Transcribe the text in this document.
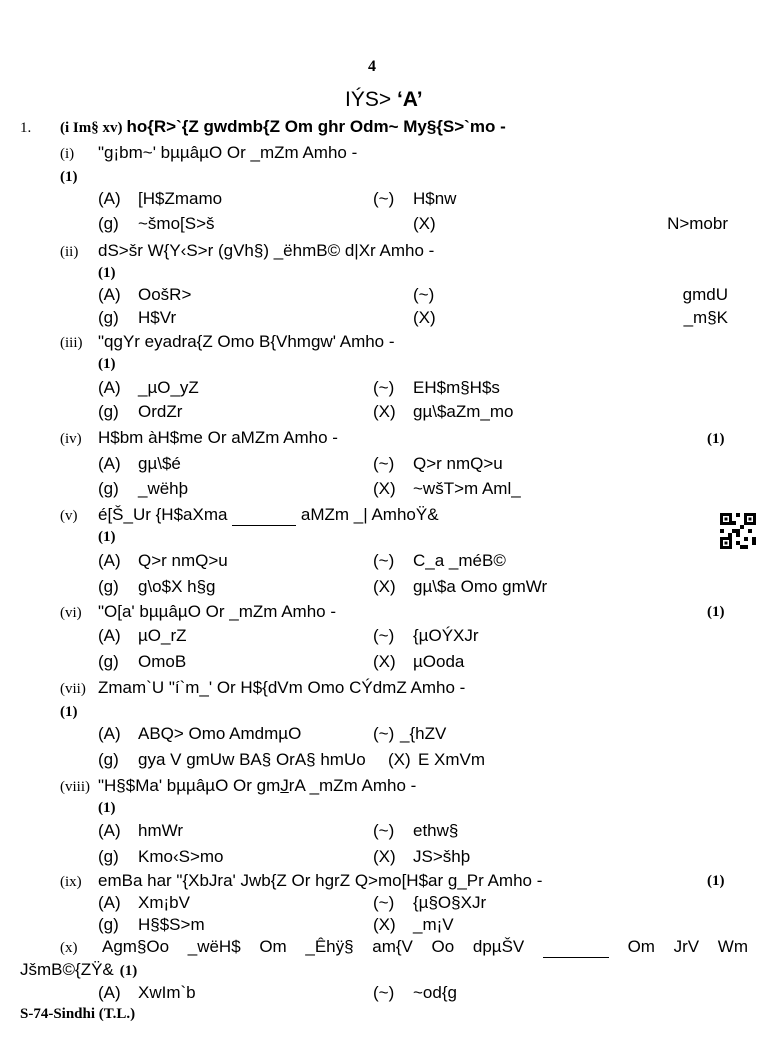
4
IÝS> ‘A’
1. (i Im§ xv) ho{R>`{Z gwdmb{Z Om ghr Odm~ My§{S>`mo -
(i) "g¡bm~' bµµâµO Or _mZm Amho -
(1)
(A) [H$Zmamo	(~) H$nw
(g) ~šmo[S>š	(X)	N>mobr
(ii) dS>šr W{Y‹S>r (gVh§) _ëhmB© d|Xr Amho -
(1)
(A) OošR>	(~)	gmdU
(g) H$Vr	(X)	_m§K
(iii) "qgYr eyadra{Z Omo B{Vhmgw' Amho -
(1)
(A) _µO_yZ	(~) EH$m§H$s
(g) OrdZr	(X) gµ\$aZm_mo
(iv) H$bm àH$me Or aMZm Amho -	(1)
(A) gµ\$é	(~) Q>r nmQ>u
(g) _wëhþ	(X) ~wšT>m Aml_
(v) é[Š_Ur {H$aXma	aMZm _| AmhoŸ&
(1)
(A) Q>r nmQ>u	(~) C_a _méB©
(g) g\o$X h§g	(X) gµ\$a Omo gmWr
(vi) "O[a' bµµâµO Or _mZm Amho -	(1)
(A) µO_rZ	(~) {µOÝXJr
(g) OmoB	(X) µOoda
(vii) Zmam`U "í`m_' Or H${dVm Omo CÝdmZ Amho -
(1)
(A) ABQ> Omo AmdmµO	(~) _{hZV
(g) gya V gmUw BA§ OrA§ hmUo (X) E XmVm
(viii) "H§$Ma' bµµâµO Or gmJrA _mZm Amho -
(1)
(A) hmWr	(~) ethw§
(g) Kmo‹S>mo	(X) JS>šhþ
(ix) emBa har "{XbJra' Jwb{Z Or hgrZ Q>mo[H$ar g_Pr Amho -	(1)
(A) Xm¡bV	(~) {µ§O§XJr
(g) H§$S>m	(X) _m¡V
(x) Agm§Oo _wëH$ Om _Êhÿ§ am{V Oo dpµŠV
	Om JrV Wm
JšmB©{ZŸ& (1)
(A) XwIm`b	(~) ~od{g
S-74-Sindhi (T.L.)
